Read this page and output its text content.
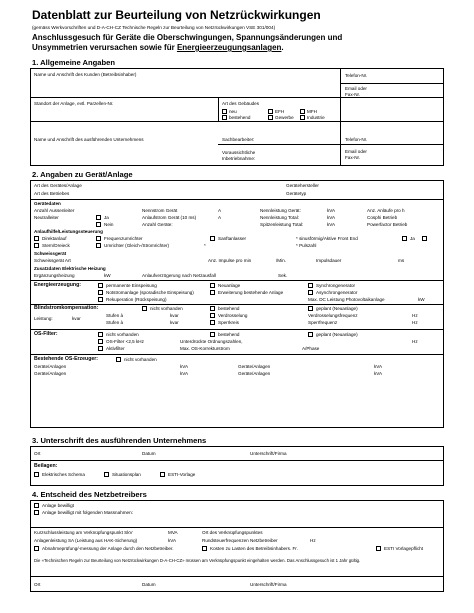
Datenblatt zur Beurteilung von Netzrückwirkungen
(gemäss Werkvorschriften und D-A-CH-CZ Technische Regeln zur Beurteilung von Netzrückwirkungen VSE 301/004)
Anschlussgesuch für Geräte die Oberschwingungen, Spannungsänderungen und
Unsymmetrien verursachen sowie für Energieerzeugungsanlagen.
1. Allgemeine Angaben
Name und Anschrift des Kunden (Betreibsinhaber)	Telefon-Nr.
Email oder
Fax-Nr.
Standort der Anlage, evtl. Parzellen-Nr.	Art des Gebäudes
neu	EFH	MFH
bestehend	Gewerbe	Industrie
Name und Anschrift des ausführenden Unternehmens	Sachbearbeiter:	Telefon-Nr.
Voraussichtliche
Inbetriebnahme:
Email oder
Fax-Nr.
2. Angaben zu Gerät/Anlage
Art des Gerätes/Anlage	Gerätehersteller
Art des Betriebes	Gerätetyp
Gerätedaten
Anzahl Aussenleiter	Nennstrom Gerät	A	Nennleistung Gerät:	kVA	Anz. Anläufe pro h
Neutralleiter	Ja	Anlaufstrom Gerät (10 ms)	A	Nennleistung Total:	kVA	Cosphi Betrieb
Nein	Anzahl Geräte:	Spitzenleistung Total:	kVA	Powerfactor Betrieb
Anlaufhilfe/Leistungssteuerung
Direktanlauf	Frequenzumrichter	Sanftanlasser	* sinusförmig/Aktive Front End	Ja
Stern/Dreieck	Umrichter (Gleich-/Stromrichter)	*	* Pulszahl
Schweissgerät
Schweissgerät Art	Anz. Impulse pro min	/Min.	Impulsdauer	ms
Zusatzdaten Elektrische Heizung
Ergänzungsheizung	kW	Anlaufverzögerung nach Netzausfall	Sek.
Energieerzeugung:	permanente Einspeisung	Neuanlage	Synchrongenerator
Notstromanlage (sporadische Einspeisung)	Erweiterung bestehende Anlage	Asynchrongenerator
Rekuperation (Rückspeisung)	Max. DC Leistung Photovoltaikanlage	kW
Blindstromkompensation:	nicht vorhanden	bestehend	geplant (Neuanlage)
Leistung:	kvar
Stufen à	kvar	Verdrosselung	Verdrosselungsfrequenz	Hz
Stufen à	kvar	Sperrkreis	Sperrfrequenz	Hz
OS-Filter:	nicht vorhanden	bestehend	geplant (Neuanlage)
OS-Filter <2,5 kHz	Unterdrückte Ordnungszahlen,	Hz
Aktivfilter	Max. OS-Korrekturstrom	A/Phase
Bestehende OS-Erzeuger:	nicht vorhanden
Geräte/Anlagen	kVA	Geräte/Anlagen	kVA
Geräte/Anlagen	kVA	Geräte/Anlagen	kVA
3. Unterschrift des ausführenden Unternehmens
Ort	Datum	Unterschrift/Firma
Beilagen:
Elektrisches Schema	Situationsplan	ESTI-Vorlage
4. Entscheid des Netzbetreibers
Anlage bewilligt
Anlage bewilligt mit folgenden Massnahmen:
Kurzschlussleistung am Verknüpfungspunkt SkV	MVA	Ort des Verknüpfungspunktes
Anlagenleistung SA (Leistung aus HAK-Sicherung)	kVA	Rundsteuerfrequenzen Netzbetreiber	Hz
Abnahmeprüfung/-messung der Anlage durch den Netzbetreiber.	Kosten zu Lasten des Betreibsinhabers. Fr.	ESTI Vorlagepflicht
Die «Technischen Regeln zur Beurteilung von Netzrückwirkungen D-A-CH-CZ» müssen am Verknüpfungspunkt eingehalten werden. Das Anschlussgesuch ist 1 Jahr gültig.
Ort	Datum	Unterschrift/Firma
